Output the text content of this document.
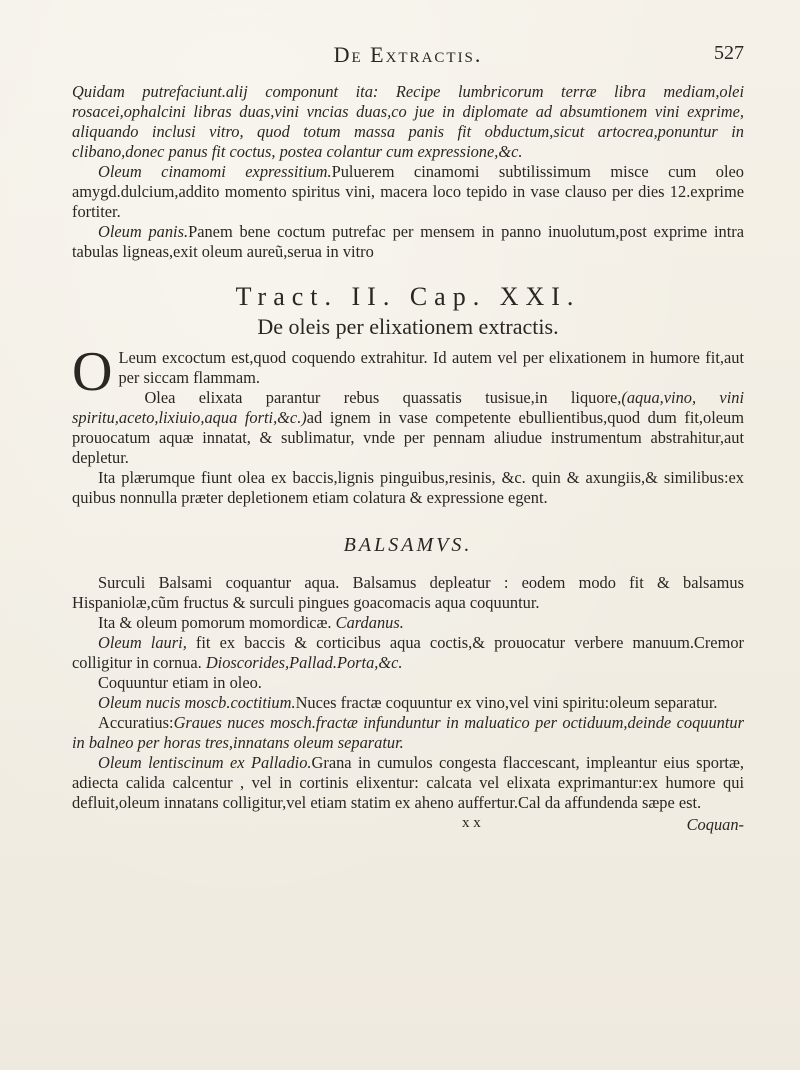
De Extractis.	527

Quidam putrefaciunt.alij componunt ita: Recipe lumbricorum terræ libra mediam,olei rosacei,ophalcini libras duas,vini vncias duas,co jue in diplomate ad absumtionem vini exprime, aliquando inclusi vitro, quod totum massa panis fit obductum,sicut artocrea,ponuntur in clibano,donec panus fit coctus, postea colantur cum expressione,&c.

Oleum cinamomi expressitium.Puluerem cinamomi subtilissimum misce cum oleo amygd.dulcium,addito momento spiritus vini, macera loco tepido in vase clauso per dies 12.exprime fortiter.

Oleum panis.Panem bene coctum putrefac per mensem in panno inuolutum,post exprime intra tabulas ligneas,exit oleum aureũ,serua in vitro

Tract. II. Cap. XXI.
De oleis per elixationem extractis.

O Leum excoctum est,quod coquendo extrahitur. Id autem vel per elixationem in humore fit,aut per siccam flammam.

Olea elixata parantur rebus quassatis tusisue,in liquore,(aqua,vino, vini spiritu,aceto,lixiuio,aqua forti,&c.)ad ignem in vase competente ebullientibus,quod dum fit,oleum prouocatum aquæ innatat, & sublimatur, vnde per pennam aliudue instrumentum abstrahitur,aut depletur.

Ita plærumque fiunt olea ex baccis,lignis pinguibus,resinis, &c. quin & axungiis,& similibus:ex quibus nonnulla præter depletionem etiam colatura & expressione egent.

BALSAMVS.

Surculi Balsami coquantur aqua. Balsamus depleatur : eodem modo fit & balsamus Hispaniolæ,cũm fructus & surculi pingues goacomacis aqua coquuntur.

Ita & oleum pomorum momordicæ. Cardanus.

Oleum lauri, fit ex baccis & corticibus aqua coctis,& prouocatur verbere manuum.Cremor colligitur in cornua. Dioscorides,Pallad.Porta,&c.

Coquuntur etiam in oleo.

Oleum nucis moscb.coctitium.Nuces fractæ coquuntur ex vino,vel vini spiritu:oleum separatur.

Accuratius:Graues nuces mosch.fractæ infunduntur in maluatico per octiduum,deinde coquuntur in balneo per horas tres,innatans oleum separatur.

Oleum lentiscinum ex Palladio.Grana in cumulos congesta flaccescant, impleantur eius sportæ, adiecta calida calcentur , vel in cortinis elixentur: calcata vel elixata exprimantur:ex humore qui defluit,oleum innatans colligitur,vel etiam statim ex aheno auffertur.Cal da affundenda sæpe est.

x x	Coquan-
